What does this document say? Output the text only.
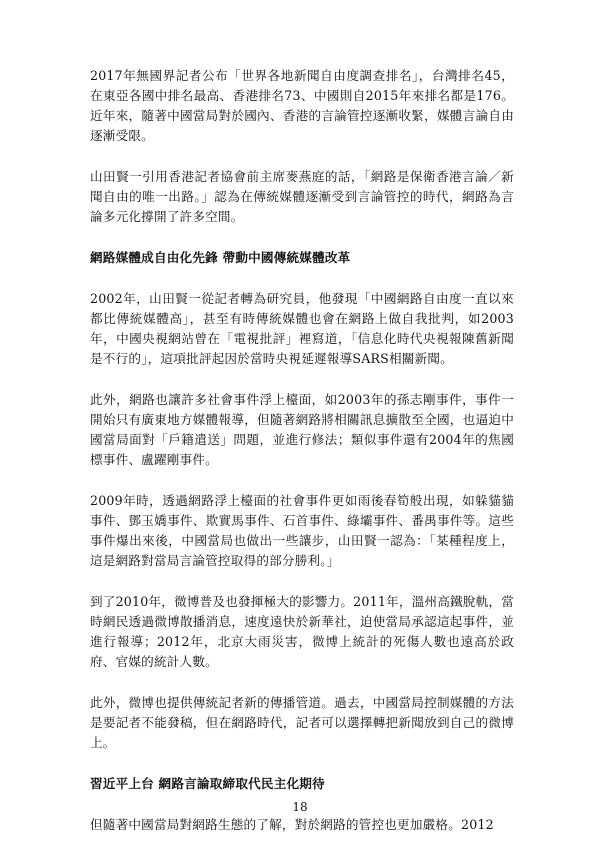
2017年無國界記者公布「世界各地新聞自由度調查排名」，台灣排名45，在東亞各國中排名最高、香港排名73、中國則自2015年來排名都是176。近年來，隨著中國當局對於國內、香港的言論管控逐漸收緊，媒體言論自由逐漸受限。

山田賢一引用香港記者協會前主席麥燕庭的話，「網路是保衛香港言論／新聞自由的唯一出路。」認為在傳統媒體逐漸受到言論管控的時代，網路為言論多元化撐開了許多空間。

網路媒體成自由化先鋒 帶動中國傳統媒體改革

2002年，山田賢一從記者轉為研究員，他發現「中國網路自由度一直以來都比傳統媒體高」，甚至有時傳統媒體也會在網路上做自我批判，如2003年，中國央視網站曾在「電視批評」裡寫道，「信息化時代央視報陳舊新聞是不行的」，這項批評起因於當時央視延遲報導SARS相關新聞。

此外，網路也讓許多社會事件浮上檯面，如2003年的孫志剛事件，事件一開始只有廣東地方媒體報導，但隨著網路將相關訊息擴散至全國，也逼迫中國當局面對「戶籍遣送」問題，並進行修法；類似事件還有2004年的焦國標事件、盧躍剛事件。

2009年時，透過網路浮上檯面的社會事件更如雨後春筍般出現，如躲貓貓事件、鄧玉嬌事件、欺實馬事件、石首事件、綠壩事件、番禺事件等。這些事件爆出來後，中國當局也做出一些讓步，山田賢一認為：「某種程度上，這是網路對當局言論管控取得的部分勝利。」

到了2010年，微博普及也發揮極大的影響力。2011年，溫州高鐵脫軌，當時網民透過微博散播消息，速度遠快於新華社，迫使當局承認這起事件，並進行報導；2012年，北京大雨災害，微博上統計的死傷人數也遠高於政府、官媒的統計人數。

此外，微博也提供傳統記者新的傳播管道。過去，中國當局控制媒體的方法是要記者不能發稿，但在網路時代，記者可以選擇轉把新聞放到自己的微博上。

習近平上台 網路言論取締取代民主化期待

但隨著中國當局對網路生態的了解，對於網路的管控也更加嚴格。2012

18
